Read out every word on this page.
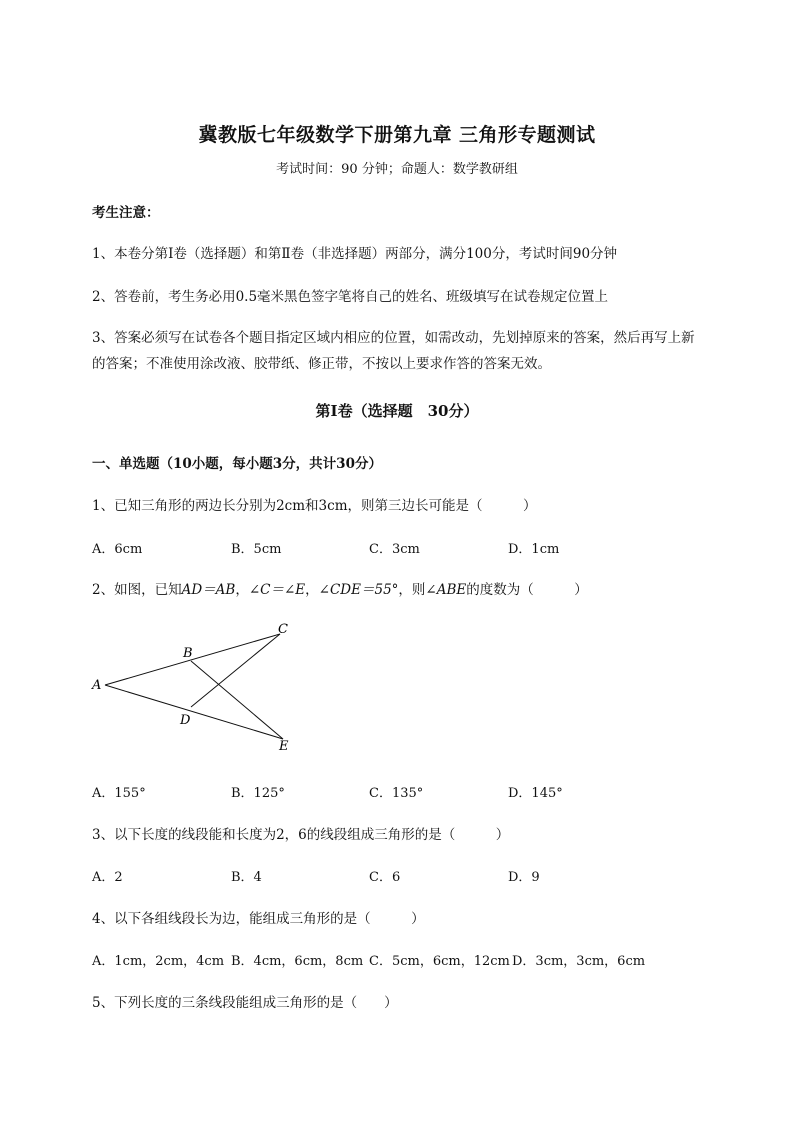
冀教版七年级数学下册第九章 三角形专题测试
考试时间：90 分钟；命题人：数学教研组
考生注意：
1、本卷分第Ⅰ卷（选择题）和第Ⅱ卷（非选择题）两部分，满分100分，考试时间90分钟
2、答卷前，考生务必用0.5毫米黑色签字笔将自己的姓名、班级填写在试卷规定位置上
3、答案必须写在试卷各个题目指定区域内相应的位置，如需改动，先划掉原来的答案，然后再写上新
的答案；不准使用涂改液、胶带纸、修正带，不按以上要求作答的答案无效。
第Ⅰ卷（选择题　30分）
一、单选题（10小题，每小题3分，共计30分）
1、已知三角形的两边长分别为2cm和3cm，则第三边长可能是（　　　）
A．6cm	B．5cm	C．3cm	D．1cm
2、如图，已知AD＝AB，∠C＝∠E，∠CDE＝55°，则∠ABE的度数为（　　　）
A
B
C
D
E
A．155°	B．125°	C．135°	D．145°
3、以下长度的线段能和长度为2，6的线段组成三角形的是（　　　）
A．2	B．4	C．6	D．9
4、以下各组线段长为边，能组成三角形的是（　　　）
A．1cm，2cm，4cm B．4cm，6cm，8cm C．5cm，6cm，12cm D．3cm，3cm，6cm
5、下列长度的三条线段能组成三角形的是（　　）
